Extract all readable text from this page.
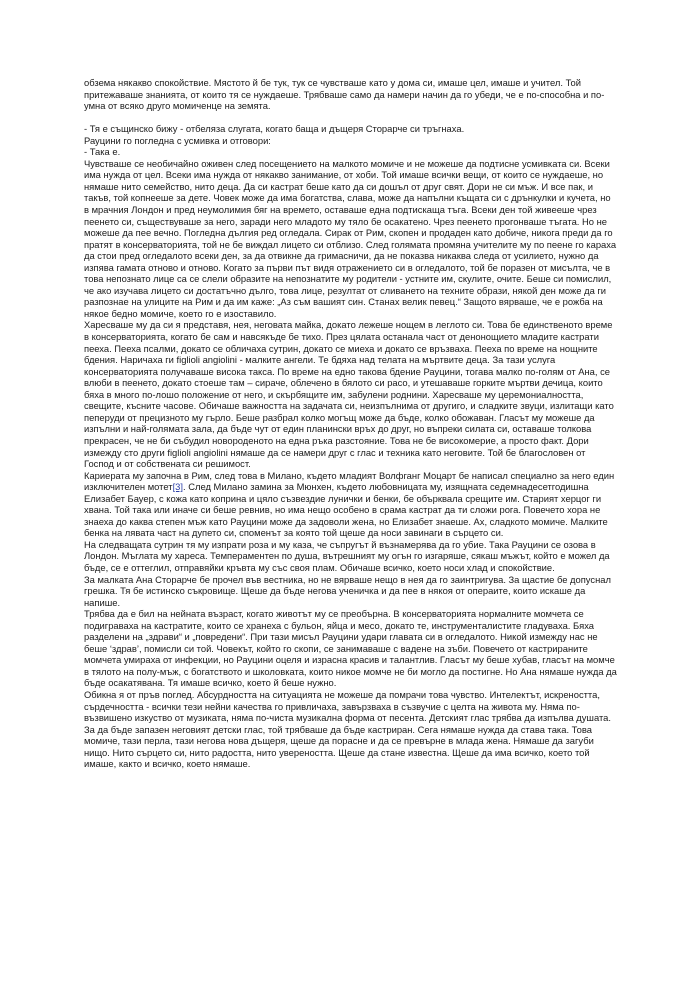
обзема някакво спокойствие. Мястото й бе тук, тук се чувстваше като у дома си, имаше цел, имаше и учител. Той притежаваше знанията, от които тя се нуждаеше. Трябваше само да намери начин да го убеди, че е по-способна и по-умна от всяко друго момиченце на земята.

- Тя е същинско бижу - отбеляза слугата, когато баща и дъщеря Сторарче си тръгнаха.

Рауцини го погледна с усмивка и отговори:

- Така е.

Чувстваше се необичайно оживен след посещението на малкото момиче и не можеше да подтисне усмивката си. Всеки има нужда от цел. Всеки има нужда от някакво занимание, от хоби. Той имаше всички вещи, от които се нуждаеше, но нямаше нито семейство, нито деца. Да си кастрат беше като да си дошъл от друг свят. Дори не си мъж. И все пак, и такъв, той копнееше за дете. Човек може да има богатства, слава, може да напълни къщата си с дрънкулки и кучета, но в мрачния Лондон и пред неумолимия бяг на времето, оставаше една подтискаща тъга. Всеки ден той живееше чрез пеенето си, съществуваше за него, заради него младото му тяло бе осакатено. Чрез пеенето прогонваше тъгата. Но не можеше да пее вечно. Погледна дългия ред огледала. Сирак от Рим, скопен и продаден като добиче, никога преди да го пратят в консерваторията, той не бе виждал лицето си отблизо. След голямата промяна учителите му по пеене го караха да стои пред огледалото всеки ден, за да отвикне да гримасничи, да не показва никаква следа от усилието, нужно да изпява гамата отново и отново. Когато за първи път видя отражението си в огледалото, той бе поразен от мисълта, че в това непознато лице са се слели образите на непознатите му родители - устните им, скулите, очите. Беше си помислил, че ако изучава лицето си достатъчно дълго, това лице, резултат от сливането на техните образи, някой ден може да ги разпознае на улиците на Рим и да им каже: „Аз съм вашият син. Станах велик певец.“ Защото вярваше, че е рожба на някое бедно момиче, което го е изоставило.

Харесваше му да си я представя, нея, неговата майка, докато лежеше нощем в леглото си. Това бе единственото време в консерваторията, когато бе сам и навсякъде бе тихо. През цялата останала част от денонощието младите кастрати пееха. Пееха псалми, докато се обличаха сутрин, докато се миеха и докато се връзваха. Пееха по време на нощните бдения. Наричаха ги figlioli angiolini - малките ангели. Те бдяха над телата на мъртвите деца. За тази услуга консерваторията получаваше висока такса. По време на едно такова бдение Рауцини, тогава малко по-голям от Ана, се влюби в пеенето, докато стоеше там – сираче, облечено в бялото си расо, и утешаваше горките мъртви дечица, които бяха в много по-лошо положение от него, и скърбящите им, забулени роднини. Харесваше му церемониалността, свещите, късните часове. Обичаше важността на задачата си, неизпълнима от другиго, и сладките звуци, излитащи като пеперуди от прецизното му гърло. Беше разбрал колко могъщ може да бъде, колко обожаван. Гласът му можеше да изпълни и най-голямата зала, да бъде чут от един планински връх до друг, но въпреки силата си, оставаше толкова прекрасен, че не би събудил новороденото на една ръка разстояние. Това не бе високомерие, а просто факт. Дори измежду сто други figlioli angiolini нямаше да се намери друг с глас и техника като неговите. Той бе благословен от Господ и от собствената си решимост.

Кариерата му започна в Рим, след това в Милано, където младият Волфганг Моцарт бе написал специално за него един изключителен мотет[3]. След Милано замина за Мюнхен, където любовницата му, изящната седемнадесетгодишна Елизабет Бауер, с кожа като коприна и цяло съзвездие лунички и бенки, бе обърквала срещите им. Старият херцог ги хвана. Той така или иначе си беше ревнив, но има нещо особено в срама кастрат да ти сложи рога. Повечето хора не знаеха до каква степен мъж като Рауцини може да задоволи жена, но Елизабет знаеше. Ах, сладкото момиче. Малките бенка на лявата част на дупето си, споменът за която той щеше да носи завинаги в сърцето си.

На следващата сутрин тя му изпрати роза и му каза, че съпругът й възнамерява да го убие. Така Рауцини се озова в Лондон. Мъглата му хареса. Темпераментен по душа, вътрешният му огън го изгаряше, сякаш мъжът, който е можел да бъде, се е оттеглил, отправяйки кръвта му със своя плам. Обичаше всичко, което носи хлад и спокойствие.

За малката Ана Сторарче бе прочел във вестника, но не вярваше нещо в нея да го заинтригува. За щастие бе допуснал грешка. Тя бе истинско съкровище. Щеше да бъде негова ученичка и да пее в някоя от операите, които искаше да напише.

Трябва да е бил на нейната възраст, когато животът му се преобърна. В консерваторията нормалните момчета се подиграваха на кастратите, които се хранеха с бульон, яйца и месо, докато те, инструменталистите гладуваха. Бяха разделени на „здрави“ и „повредени“. При тази мисъл Рауцини удари главата си в огледалото. Никой измежду нас не беше ‘здрав’, помисли си той. Човекът, който го скопи, се занимаваше с вадене на зъби. Повечето от кастрираните момчета умираха от инфекции, но Рауцини оцеля и израсна красив и талантлив. Гласът му беше хубав, гласът на момче в тялото на полу-мъж, с богатството и школовката, които никое момче не би могло да постигне. Но Ана нямаше нужда да бъде осакатявана. Тя имаше всичко, което й беше нужно.

Обикна я от пръв поглед. Абсурдността на ситуацията не можеше да помрачи това чувство. Интелектът, искреността, сърдечността - всички тези нейни качества го привличаха, завързваха в съзвучие с целта на живота му. Няма по-възвишено изкуство от музиката, няма по-чиста музикална форма от песента. Детският глас трябва да изпълва душата. За да бъде запазен неговият детски глас, той трябваше да бъде кастриран. Сега нямаше нужда да става така. Това момиче, тази перла, тази негова нова дъщеря, щеше да порасне и да се превърне в млада жена. Нямаше да загуби нищо. Нито сърцето си, нито радостта, нито увереността. Щеше да стане известна. Щеше да има всичко, което той имаше, както и всичко, което нямаше.
